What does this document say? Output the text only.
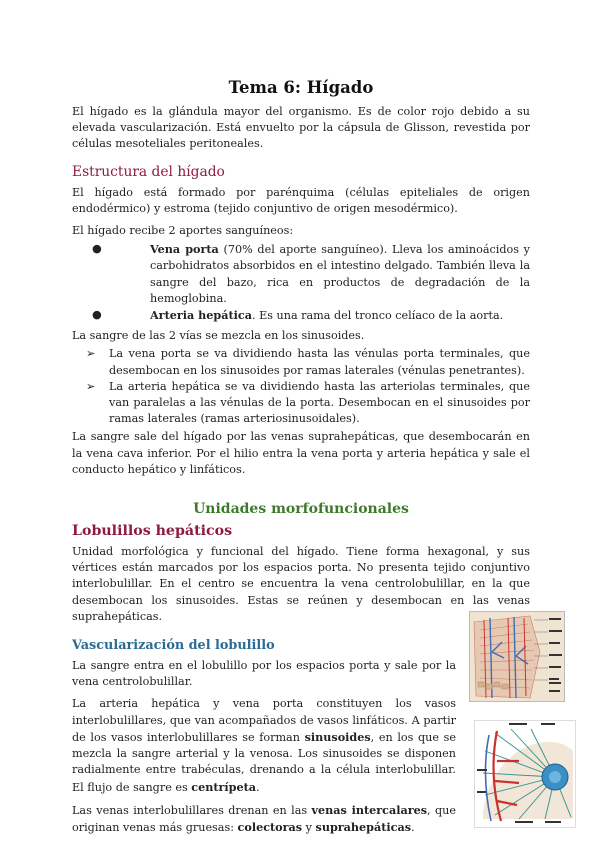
Tema 6: Hígado

El hígado es la glándula mayor del organismo. Es de color rojo debido a su elevada vascularización. Está envuelto por la cápsula de Glisson, revestida por células mesoteliales peritoneales.

Estructura del hígado

El hígado está formado por parénquima (células epiteliales de origen endodérmico) y estroma (tejido conjuntivo de origen mesodérmico).

El hígado recibe 2 aportes sanguíneos:

●	Vena porta (70% del aporte sanguíneo). Lleva los aminoácidos y carbohidratos absorbidos en el intestino delgado. También lleva la sangre del bazo, rica en productos de degradación de la hemoglobina.
●	Arteria hepática. Es una rama del tronco celíaco de la aorta.

La sangre de las 2 vías se mezcla en los sinusoides.

➢ La vena porta se va dividiendo hasta las vénulas porta terminales, que desembocan en los sinusoides por ramas laterales (vénulas penetrantes).
➢ La arteria hepática se va dividiendo hasta las arteriolas terminales, que van paralelas a las vénulas de la porta. Desembocan en el sinusoides por ramas laterales (ramas arteriosinusoidales).

La sangre sale del hígado por las venas suprahepáticas, que desembocarán en la vena cava inferior. Por el hilio entra la vena porta y arteria hepática y sale el conducto hepático y linfáticos.

Unidades morfofuncionales
Lobulillos hepáticos

Unidad morfológica y funcional del hígado. Tiene forma hexagonal, y sus vértices están marcados por los espacios porta. No presenta tejido conjuntivo interlobulillar. En el centro se encuentra la vena centrolobulillar, en la que desembocan los sinusoides. Estas se reúnen y desembocan en las venas suprahepáticas.

Vascularización del lobulillo

La sangre entra en el lobulillo por los espacios porta y sale por la vena centrolobulillar.

La arteria hepática y vena porta constituyen los vasos interlobulillares, que van acompañados de vasos linfáticos. A partir de los vasos interlobulillares se forman sinusoides, en los que se mezcla la sangre arterial y la venosa. Los sinusoides se disponen radialmente entre trabéculas, drenando a la célula interlobulillar. El flujo de sangre es centrípeta.

Las venas interlobulillares drenan en las venas intercalares, que originan venas más gruesas: colectoras y suprahepáticas.
